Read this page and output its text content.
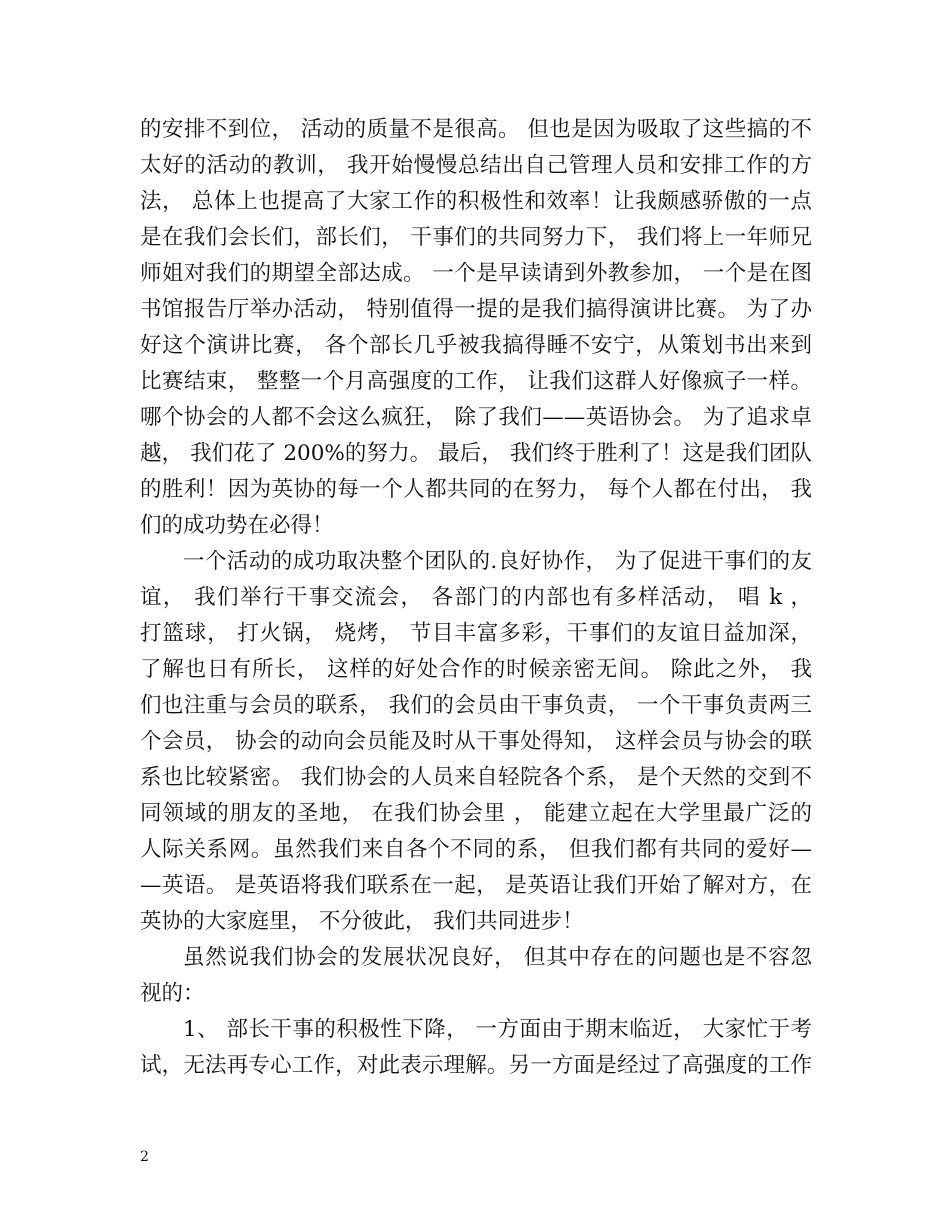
的安排不到位， 活动的质量不是很高。 但也是因为吸取了这些搞的不
太好的活动的教训， 我开始慢慢总结出自己管理人员和安排工作的方
法， 总体上也提高了大家工作的积极性和效率！让我颇感骄傲的一点
是在我们会长们，部长们， 干事们的共同努力下， 我们将上一年师兄
师姐对我们的期望全部达成。 一个是早读请到外教参加， 一个是在图
书馆报告厅举办活动， 特别值得一提的是我们搞得演讲比赛。 为了办
好这个演讲比赛， 各个部长几乎被我搞得睡不安宁，从策划书出来到
比赛结束， 整整一个月高强度的工作， 让我们这群人好像疯子一样。
哪个协会的人都不会这么疯狂， 除了我们——英语协会。 为了追求卓
越， 我们花了 200%的努力。 最后， 我们终于胜利了！这是我们团队
的胜利！因为英协的每一个人都共同的在努力， 每个人都在付出， 我
们的成功势在必得！
一个活动的成功取决整个团队的.良好协作， 为了促进干事们的友
谊， 我们举行干事交流会， 各部门的内部也有多样活动， 唱 k ，
打篮球， 打火锅， 烧烤， 节目丰富多彩，干事们的友谊日益加深，
了解也日有所长， 这样的好处合作的时候亲密无间。 除此之外， 我
们也注重与会员的联系， 我们的会员由干事负责， 一个干事负责两三
个会员， 协会的动向会员能及时从干事处得知， 这样会员与协会的联
系也比较紧密。 我们协会的人员来自轻院各个系， 是个天然的交到不
同领域的朋友的圣地， 在我们协会里 ， 能建立起在大学里最广泛的
人际关系网。虽然我们来自各个不同的系， 但我们都有共同的爱好—
—英语。 是英语将我们联系在一起， 是英语让我们开始了解对方，在
英协的大家庭里， 不分彼此， 我们共同进步！
虽然说我们协会的发展状况良好， 但其中存在的问题也是不容忽
视的：
1、 部长干事的积极性下降， 一方面由于期末临近， 大家忙于考
试，无法再专心工作，对此表示理解。另一方面是经过了高强度的工作
2
